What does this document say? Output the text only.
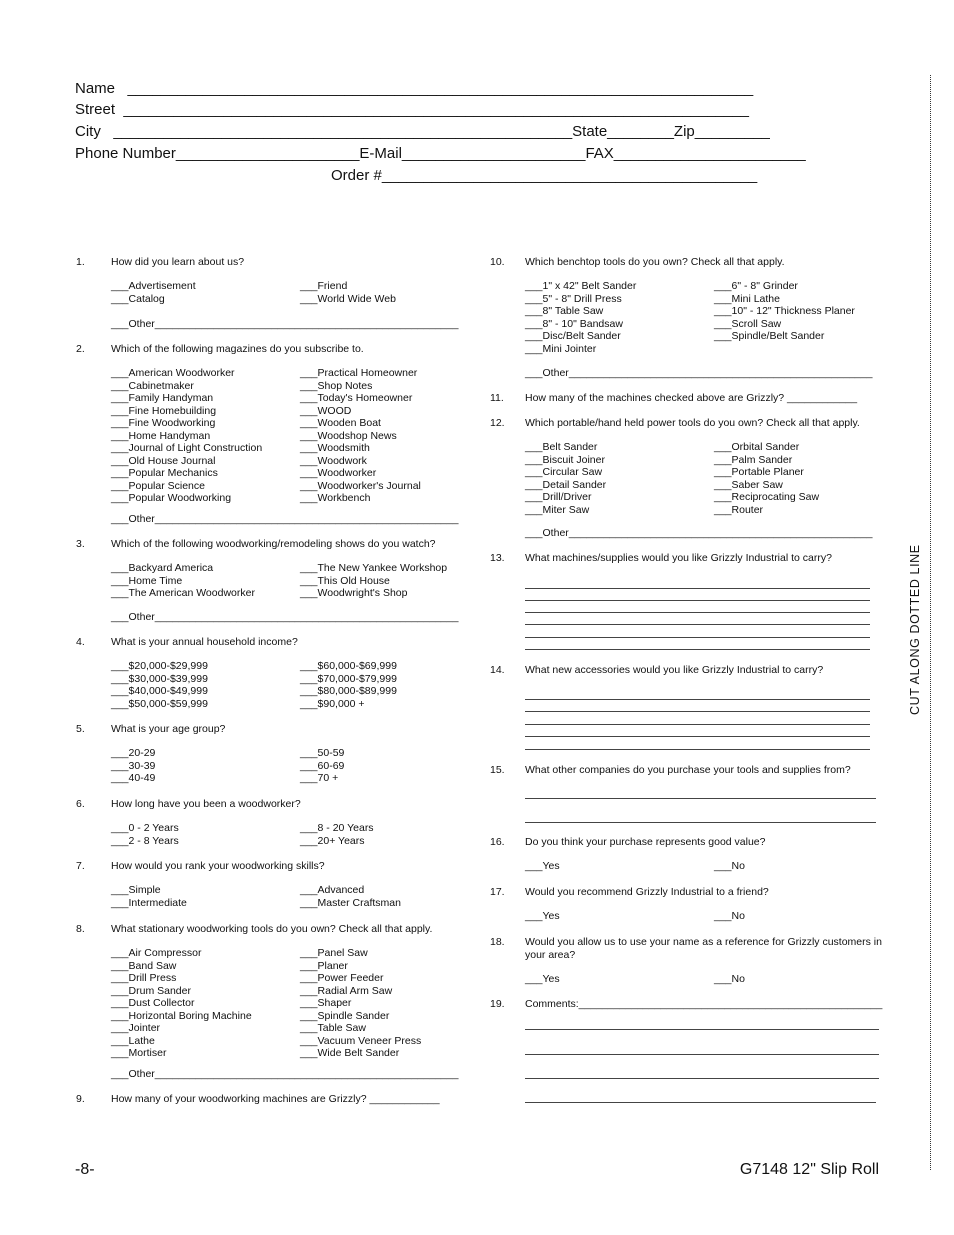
Name   ___________________________________________________________________________
Street  ___________________________________________________________________________
City   _______________________________________________________State________Zip_________
Phone Number______________________E-Mail______________________FAX_______________________
Order #_____________________________________________
1. How did you learn about us?
___Advertisement
___Catalog
___Friend
___World Wide Web
___Other____________________________________________________
2. Which of the following magazines do you subscribe to.
___American Woodworker
___Cabinetmaker
___Family Handyman
___Fine Homebuilding
___Fine Woodworking
___Home Handyman
___Journal of Light Construction
___Old House Journal
___Popular Mechanics
___Popular Science
___Popular Woodworking
___Practical Homeowner
___Shop Notes
___Today's Homeowner
___WOOD
___Wooden Boat
___Woodshop News
___Woodsmith
___Woodwork
___Woodworker
___Woodworker's Journal
___Workbench
___Other____________________________________________________
3. Which of the following woodworking/remodeling shows do you watch?
___Backyard America
___Home Time
___The American Woodworker
___The New Yankee Workshop
___This Old House
___Woodwright's Shop
___Other____________________________________________________
4. What is your annual household income?
___$20,000-$29,999
___$30,000-$39,999
___$40,000-$49,999
___$50,000-$59,999
___$60,000-$69,999
___$70,000-$79,999
___$80,000-$89,999
___$90,000 +
5. What is your age group?
___20-29
___30-39
___40-49
___50-59
___60-69
___70 +
6. How long have you been a woodworker?
___0 - 2 Years
___2 - 8 Years
___8 - 20 Years
___20+ Years
7. How would you rank your woodworking skills?
___Simple
___Intermediate
___Advanced
___Master Craftsman
8. What stationary woodworking tools do you own? Check all that apply.
___Air Compressor
___Band Saw
___Drill Press
___Drum Sander
___Dust Collector
___Horizontal Boring Machine
___Jointer
___Lathe
___Mortiser
___Panel Saw
___Planer
___Power Feeder
___Radial Arm Saw
___Shaper
___Spindle Sander
___Table Saw
___Vacuum Veneer Press
___Wide Belt Sander
___Other____________________________________________________
9. How many of your woodworking machines are Grizzly? ____________
10. Which benchtop tools do you own? Check all that apply.
___1" x 42" Belt Sander
___5" - 8" Drill Press
___8" Table Saw
___8" - 10" Bandsaw
___Disc/Belt Sander
___Mini Jointer
___6" - 8" Grinder
___Mini Lathe
___10" - 12" Thickness Planer
___Scroll Saw
___Spindle/Belt Sander
___Other____________________________________________________
11. How many of the machines checked above are Grizzly? ____________
12. Which portable/hand held power tools do you own? Check all that apply.
___Belt Sander
___Biscuit Joiner
___Circular Saw
___Detail Sander
___Drill/Driver
___Miter Saw
___Orbital Sander
___Palm Sander
___Portable Planer
___Saber Saw
___Reciprocating Saw
___Router
___Other____________________________________________________
13. What machines/supplies would you like Grizzly Industrial to carry?
14. What new accessories would you like Grizzly Industrial to carry?
15. What other companies do you purchase your tools and supplies from?
16. Do you think your purchase represents good value?
___Yes	___No
17. Would you recommend Grizzly Industrial to a friend?
___Yes	___No
18. Would you allow us to use your name as a reference for Grizzly customers in your area?
___Yes	___No
19. Comments:____________________________________________________
CUT ALONG DOTTED LINE
-8-	G7148 12" Slip Roll
